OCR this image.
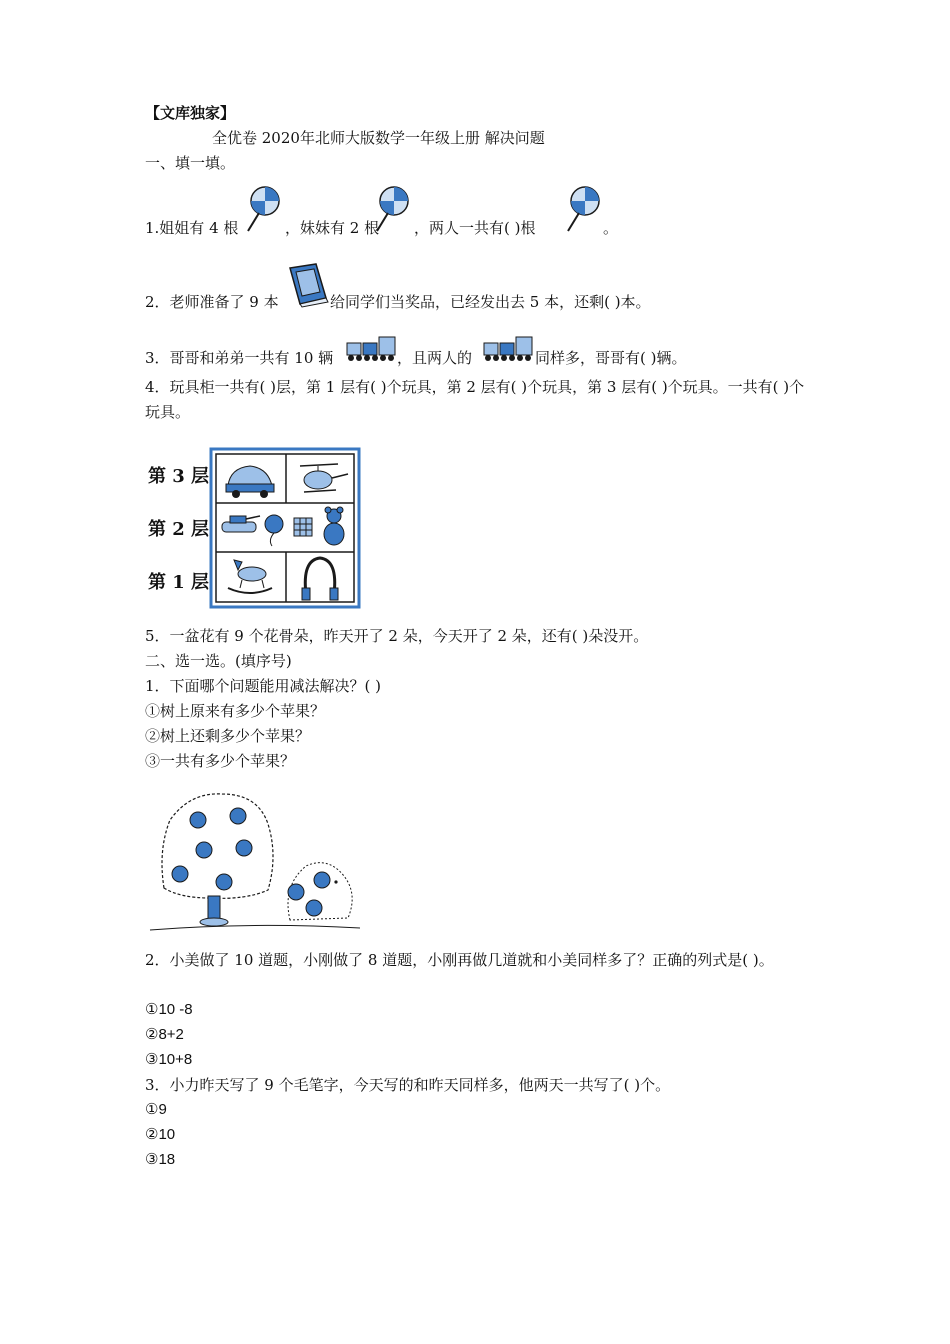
【文库独家】
全优卷 2020年北师大版数学一年级上册 解决问题
一、填一填。
1.姐姐有 4 根	，妹妹有 2 根 ，两人一共有( )根	。
2．老师准备了 9 本	给同学们当奖品，已经发出去 5 本，还剩( )本。
3．哥哥和弟弟一共有 10 辆	，且两人的	同样多，哥哥有( )辆。
4．玩具柜一共有( )层，第 1 层有( )个玩具，第 2 层有( )个玩具，第 3 层有( )个玩具。一共有( )个玩具。
第 3 层
第 2 层
第 1 层
5．一盆花有 9 个花骨朵，昨天开了 2 朵，今天开了 2 朵，还有( )朵没开。
二、选一选。(填序号)
1．下面哪个问题能用减法解决？( )
①树上原来有多少个苹果？
②树上还剩多少个苹果？
③一共有多少个苹果？
2．小美做了 10 道题，小刚做了 8 道题，小刚再做几道就和小美同样多了？正确的列式是( )。
①10 -8
②8+2
③10+8
3．小力昨天写了 9 个毛笔字，今天写的和昨天同样多，他两天一共写了( )个。
①9
②10
③18
